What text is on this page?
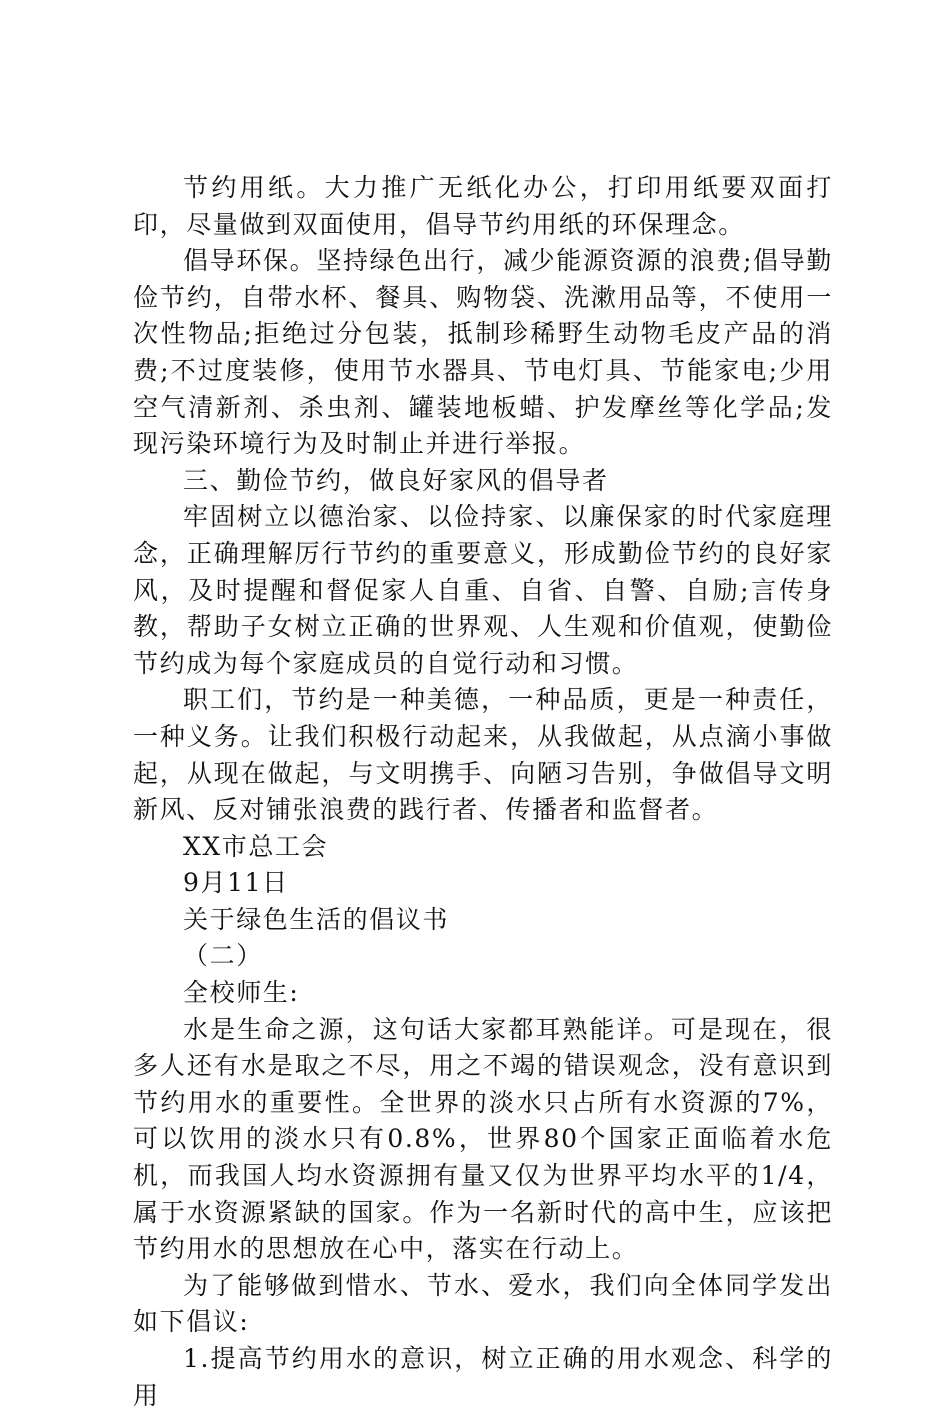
节约用纸。大力推广无纸化办公，打印用纸要双面打印，尽量做到双面使用，倡导节约用纸的环保理念。

倡导环保。坚持绿色出行，减少能源资源的浪费;倡导勤俭节约，自带水杯、餐具、购物袋、洗漱用品等，不使用一次性物品;拒绝过分包装，抵制珍稀野生动物毛皮产品的消费;不过度装修，使用节水器具、节电灯具、节能家电;少用空气清新剂、杀虫剂、罐装地板蜡、护发摩丝等化学品;发现污染环境行为及时制止并进行举报。

三、勤俭节约，做良好家风的倡导者

牢固树立以德治家、以俭持家、以廉保家的时代家庭理念，正确理解厉行节约的重要意义，形成勤俭节约的良好家风，及时提醒和督促家人自重、自省、自警、自励;言传身教，帮助子女树立正确的世界观、人生观和价值观，使勤俭节约成为每个家庭成员的自觉行动和习惯。

职工们，节约是一种美德，一种品质，更是一种责任，一种义务。让我们积极行动起来，从我做起，从点滴小事做起，从现在做起，与文明携手、向陋习告别，争做倡导文明新风、反对铺张浪费的践行者、传播者和监督者。

XX市总工会

9月11日

关于绿色生活的倡议书

（二）

全校师生:

水是生命之源，这句话大家都耳熟能详。可是现在，很多人还有水是取之不尽，用之不竭的错误观念，没有意识到节约用水的重要性。全世界的淡水只占所有水资源的7%，可以饮用的淡水只有0.8%，世界80个国家正面临着水危机，而我国人均水资源拥有量又仅为世界平均水平的1/4，属于水资源紧缺的国家。作为一名新时代的高中生，应该把节约用水的思想放在心中，落实在行动上。

为了能够做到惜水、节水、爱水，我们向全体同学发出如下倡议:

1.提高节约用水的意识，树立正确的用水观念、科学的用
